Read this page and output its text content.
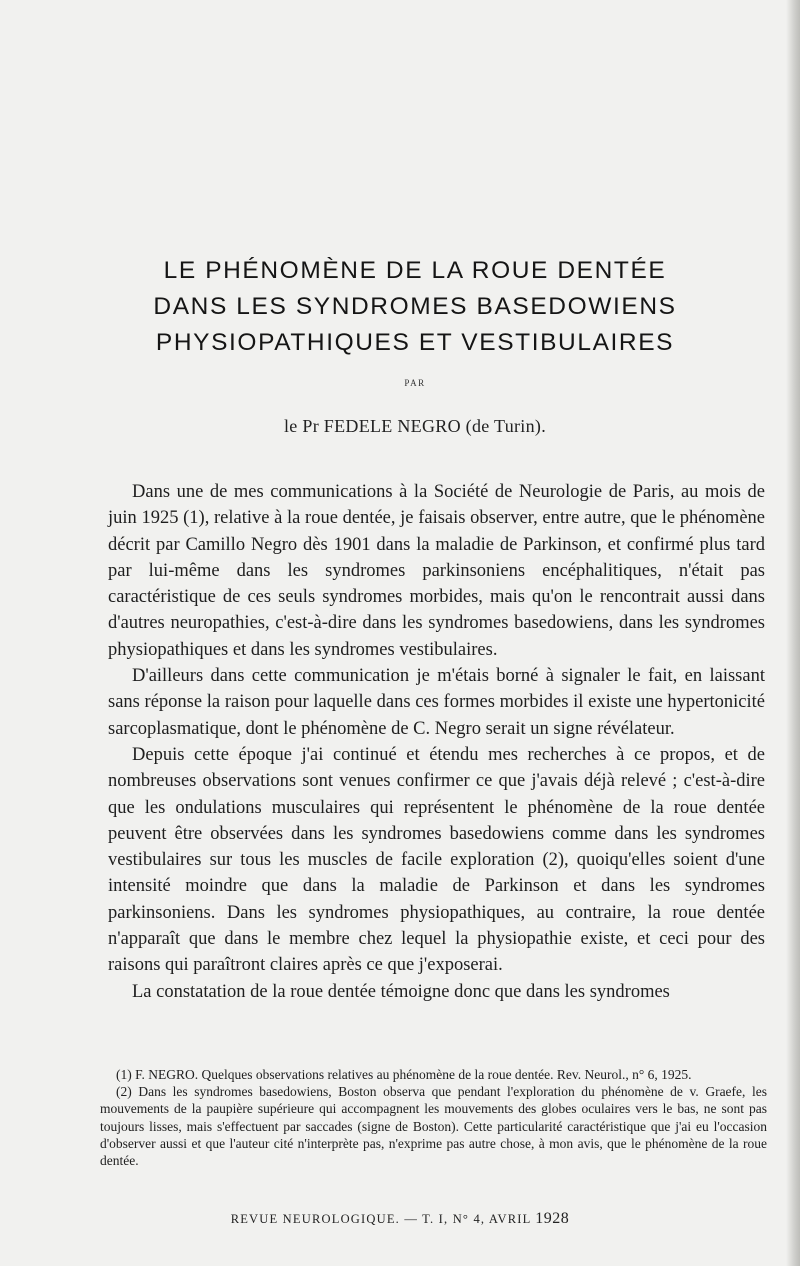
LE PHÉNOMÈNE DE LA ROUE DENTÉE
DANS LES SYNDROMES BASEDOWIENS
PHYSIOPATHIQUES ET VESTIBULAIRES
PAR
le Pr FEDELE NEGRO (de Turin).

Dans une de mes communications à la Société de Neurologie de Paris, au mois de juin 1925 (1), relative à la roue dentée, je faisais observer, entre autre, que le phénomène décrit par Camillo Negro dès 1901 dans la maladie de Parkinson, et confirmé plus tard par lui-même dans les syndromes parkinsoniens encéphalitiques, n'était pas caractéristique de ces seuls syndromes morbides, mais qu'on le rencontrait aussi dans d'autres neuropathies, c'est-à-dire dans les syndromes basedowiens, dans les syndromes physiopathiques et dans les syndromes vestibulaires.

D'ailleurs dans cette communication je m'étais borné à signaler le fait, en laissant sans réponse la raison pour laquelle dans ces formes morbides il existe une hypertonicité sarcoplasmatique, dont le phénomène de C. Negro serait un signe révélateur.

Depuis cette époque j'ai continué et étendu mes recherches à ce propos, et de nombreuses observations sont venues confirmer ce que j'avais déjà relevé ; c'est-à-dire que les ondulations musculaires qui représentent le phénomène de la roue dentée peuvent être observées dans les syndromes basedowiens comme dans les syndromes vestibulaires sur tous les muscles de facile exploration (2), quoiqu'elles soient d'une intensité moindre que dans la maladie de Parkinson et dans les syndromes parkinsoniens. Dans les syndromes physiopathiques, au contraire, la roue dentée n'apparaît que dans le membre chez lequel la physiopathie existe, et ceci pour des raisons qui paraîtront claires après ce que j'exposerai.

La constatation de la roue dentée témoigne donc que dans les syndromes

(1) F. NEGRO. Quelques observations relatives au phénomène de la roue dentée. Rev. Neurol., n° 6, 1925.

(2) Dans les syndromes basedowiens, Boston observa que pendant l'exploration du phénomène de v. Graefe, les mouvements de la paupière supérieure qui accompagnent les mouvements des globes oculaires vers le bas, ne sont pas toujours lisses, mais s'effectuent par saccades (signe de Boston). Cette particularité caractéristique que j'ai eu l'occasion d'observer aussi et que l'auteur cité n'interprète pas, n'exprime pas autre chose, à mon avis, que le phénomène de la roue dentée.

REVUE NEUROLOGIQUE. — T. I, N° 4, AVRIL 1928
